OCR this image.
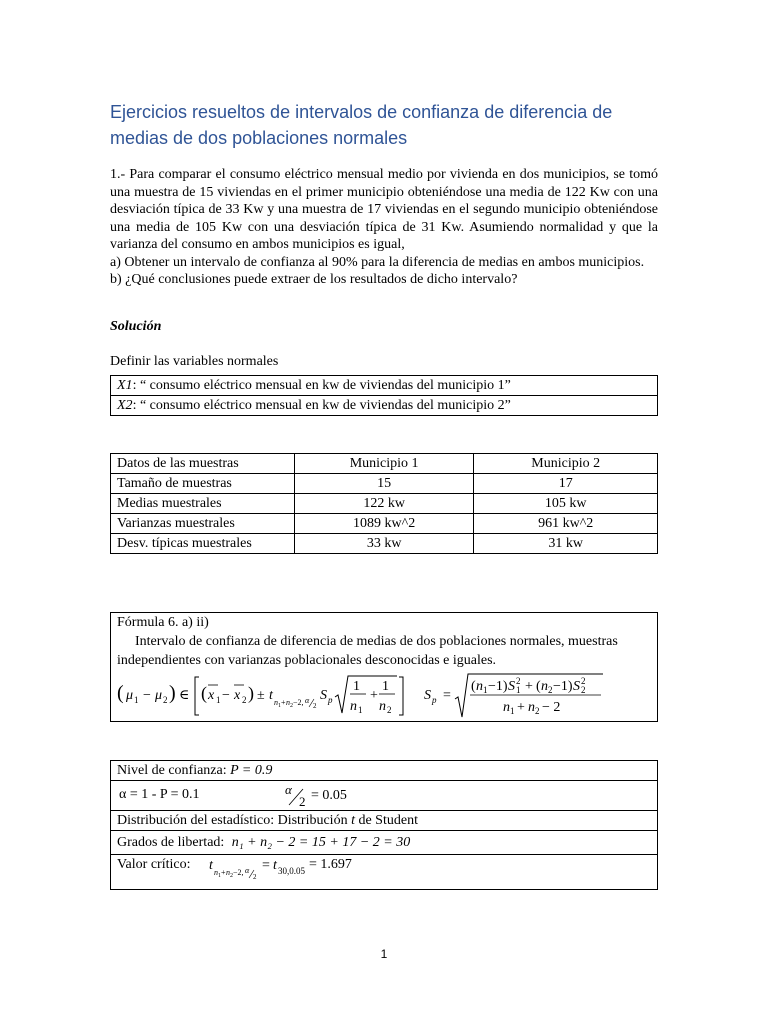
Ejercicios resueltos de intervalos de confianza de diferencia de medias de dos poblaciones normales

1.- Para comparar el consumo eléctrico mensual medio por vivienda en dos municipios, se tomó una muestra de 15 viviendas en el primer municipio obteniéndose una media de 122 Kw con una desviación típica de 33 Kw y una muestra de 17 viviendas en el segundo municipio obteniéndose una media de 105 Kw con una desviación típica de 31 Kw. Asumiendo normalidad y que la varianza del consumo en ambos municipios es igual,

a) Obtener un intervalo de confianza al 90% para la diferencia de medias en ambos municipios.

b) ¿Qué conclusiones puede extraer de los resultados de dicho intervalo?

Solución
Definir las variables normales
X1: “ consumo eléctrico mensual en kw de viviendas del municipio 1”
X2: “ consumo eléctrico mensual en kw de viviendas del municipio 2”
Datos de las muestras	Municipio 1	Municipio 2
Tamaño de muestras	15	17
Medias muestrales	122 kw	105 kw
Varianzas muestrales	1089 kw^2	961 kw^2
Desv. típicas muestrales	33 kw	31 kw
Fórmula 6. a) ii)
Intervalo de confianza de diferencia de medias de dos poblaciones normales, muestras independientes con varianzas poblacionales desconocidas e iguales.
( μ 1 − μ 2 ) ∈ ( x 1 − x 2 ) ± t n 1 + n 2 −2, α
2
S p
1
n 1
+
1
n 2
S p =
( n 1 −1) S 2
1 + ( n 2 −1) S 2
2
n 1 + n 2 − 2
Nivel de confianza: P = 0.9

α = 1 - P = 0.1	α
2 = 0.05

Distribución del estadístico: Distribución t de Student
Grados de libertad: n₁ + n₂ − 2 = 15 + 17 − 2 = 30

Valor crítico: t n 1 + n 2 −2, α
2
= t 30,0.05 = 1.697
1
